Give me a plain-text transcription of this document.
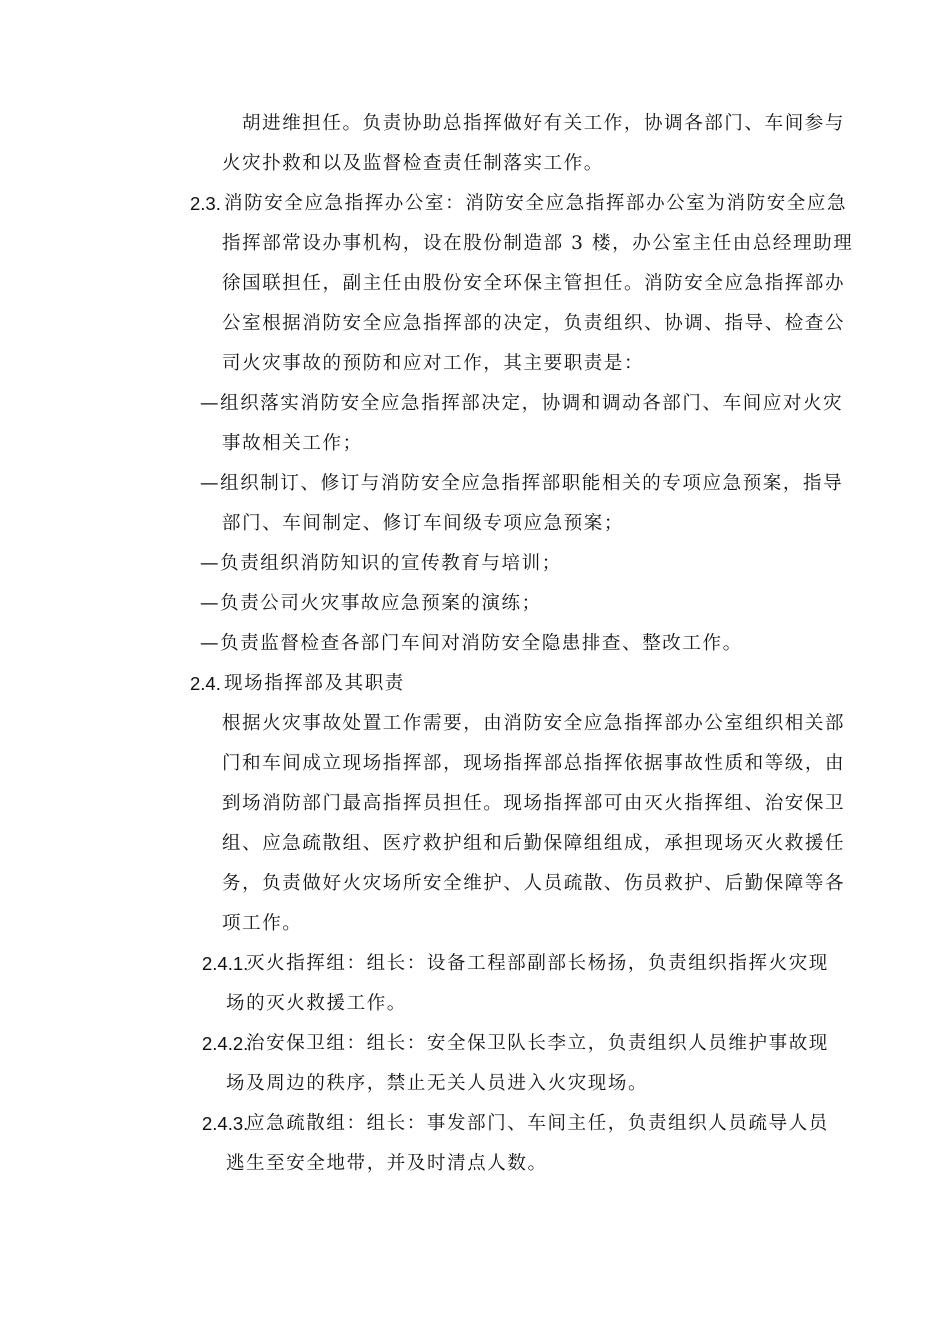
胡进维担任。负责协助总指挥做好有关工作，协调各部门、车间参与
火灾扑救和以及监督检查责任制落实工作。
2.3. 消防安全应急指挥办公室：消防安全应急指挥部办公室为消防安全应急
指挥部常设办事机构，设在股份制造部 3 楼，办公室主任由总经理助理
徐国联担任，副主任由股份安全环保主管担任。消防安全应急指挥部办
公室根据消防安全应急指挥部的决定，负责组织、协调、指导、检查公
司火灾事故的预防和应对工作，其主要职责是：
—组织落实消防安全应急指挥部决定，协调和调动各部门、车间应对火灾
事故相关工作；
—组织制订、修订与消防安全应急指挥部职能相关的专项应急预案，指导
部门、车间制定、修订车间级专项应急预案；
—负责组织消防知识的宣传教育与培训；
—负责公司火灾事故应急预案的演练；
—负责监督检查各部门车间对消防安全隐患排查、整改工作。
2.4. 现场指挥部及其职责
根据火灾事故处置工作需要，由消防安全应急指挥部办公室组织相关部
门和车间成立现场指挥部，现场指挥部总指挥依据事故性质和等级，由
到场消防部门最高指挥员担任。现场指挥部可由灭火指挥组、治安保卫
组、应急疏散组、医疗救护组和后勤保障组组成，承担现场灭火救援任
务，负责做好火灾场所安全维护、人员疏散、伤员救护、后勤保障等各
项工作。
2.4.1.
灭火指挥组：组长：设备工程部副部长杨扬，负责组织指挥火灾现
场的灭火救援工作。
2.4.2.
治安保卫组：组长：安全保卫队长李立，负责组织人员维护事故现
场及周边的秩序，禁止无关人员进入火灾现场。
2.4.3.
应急疏散组：组长：事发部门、车间主任，负责组织人员疏导人员
逃生至安全地带，并及时清点人数。
